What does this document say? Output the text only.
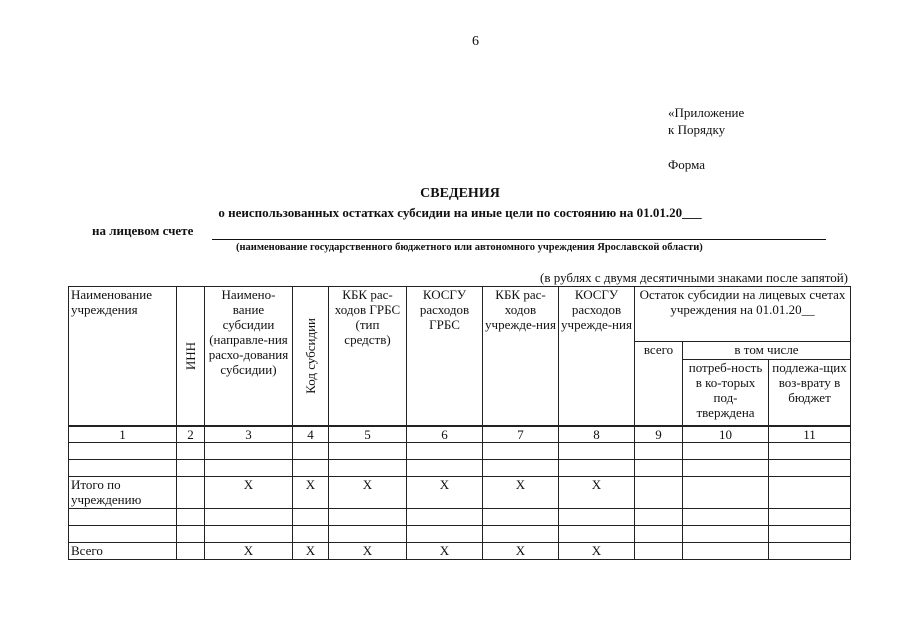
6
«Приложение
к Порядку
Форма
СВЕДЕНИЯ
о неиспользованных остатках субсидии на иные цели по состоянию на 01.01.20___
на лицевом счете
(наименование государственного бюджетного или автономного учреждения Ярославской области)
(в рублях с двумя десятичными знаками после запятой)
Наименование учреждения	ИНН	Наимено-вание субсидии (направле-ния расхо-дования субсидии)	Код субсидии	КБК рас-ходов ГРБС (тип средств)	КОСГУ расходов ГРБС	КБК рас-ходов учрежде-ния	КОСГУ расходов учрежде-ния	Остаток субсидии на лицевых счетах учреждения на 01.01.20__		
								всего	в том числе	
									потреб-ность в ко-торых под-тверждена	подлежа-щих воз-врату в бюджет
1	2	3	4	5	6	7	8	9	10	11

Итого по учреждению		Х	Х	Х	Х	Х	Х			

Всего		Х	Х	Х	Х	Х	Х			
